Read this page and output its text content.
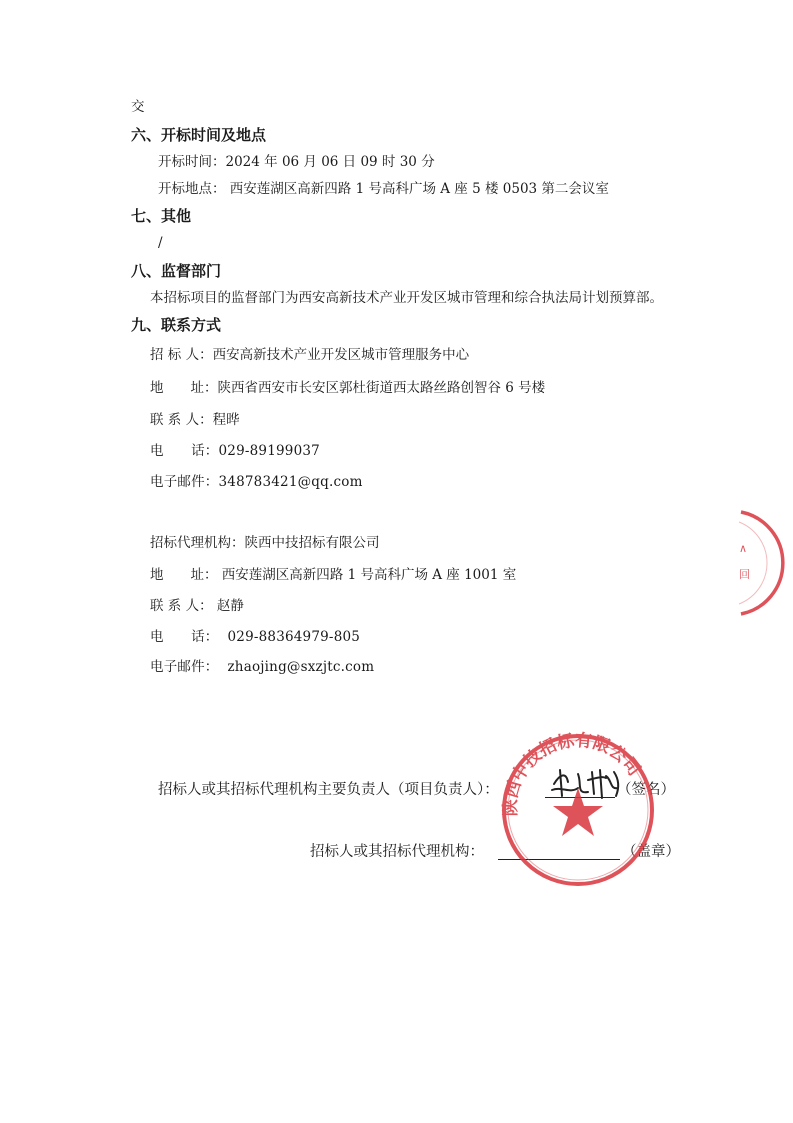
交
六、开标时间及地点
开标时间：2024 年 06 月 06 日 09 时 30 分
开标地点： 西安莲湖区高新四路 1 号高科广场 A 座 5 楼 0503 第二会议室
七、其他
/
八、监督部门
本招标项目的监督部门为西安高新技术产业开发区城市管理和综合执法局计划预算部。
九、联系方式
招 标 人：西安高新技术产业开发区城市管理服务中心
地　　址：陕西省西安市长安区郭杜街道西太路丝路创智谷 6 号楼
联 系 人：程晔
电　　话：029-89199037
电子邮件：348783421@qq.com
招标代理机构：陕西中技招标有限公司
地　　址： 西安莲湖区高新四路 1 号高科广场 A 座 1001 室
联 系 人： 赵静
电　　话： 029-88364979-805
电子邮件： zhaojing@sxzjtc.com
招标人或其招标代理机构主要负责人（项目负责人）：	（签名）
招标人或其招标代理机构：	（盖章）
陕西中技招标有限公司
∧
回
